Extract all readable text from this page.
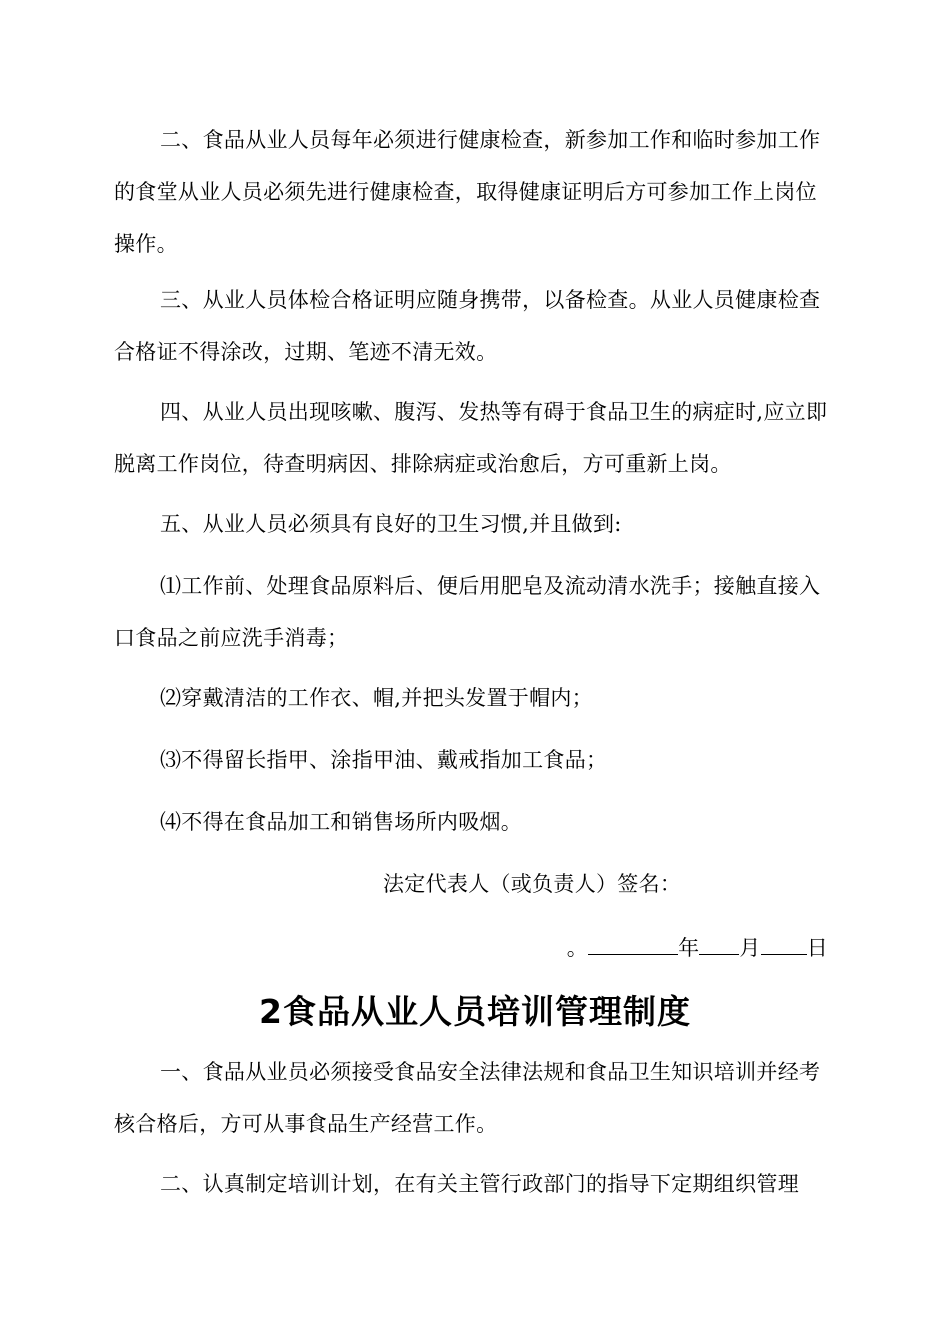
二、食品从业人员每年必须进行健康检查，新参加工作和临时参加工作的食堂从业人员必须先进行健康检查，取得健康证明后方可参加工作上岗位操作。

三、从业人员体检合格证明应随身携带，以备检查。从业人员健康检查合格证不得涂改，过期、笔迹不清无效。

四、从业人员出现咳嗽、腹泻、发热等有碍于食品卫生的病症时,应立即脱离工作岗位，待查明病因、排除病症或治愈后，方可重新上岗。

五、从业人员必须具有良好的卫生习惯,并且做到:

⑴工作前、处理食品原料后、便后用肥皂及流动清水洗手；接触直接入口食品之前应洗手消毒；

⑵穿戴清洁的工作衣、帽,并把头发置于帽内；

⑶不得留长指甲、涂指甲油、戴戒指加工食品；

⑷不得在食品加工和销售场所内吸烟。

法定代表人（或负责人）签名：

。	年 月 日

2食品从业人员培训管理制度

一、食品从业员必须接受食品安全法律法规和食品卫生知识培训并经考核合格后，方可从事食品生产经营工作。

二、认真制定培训计划，在有关主管行政部门的指导下定期组织管理
